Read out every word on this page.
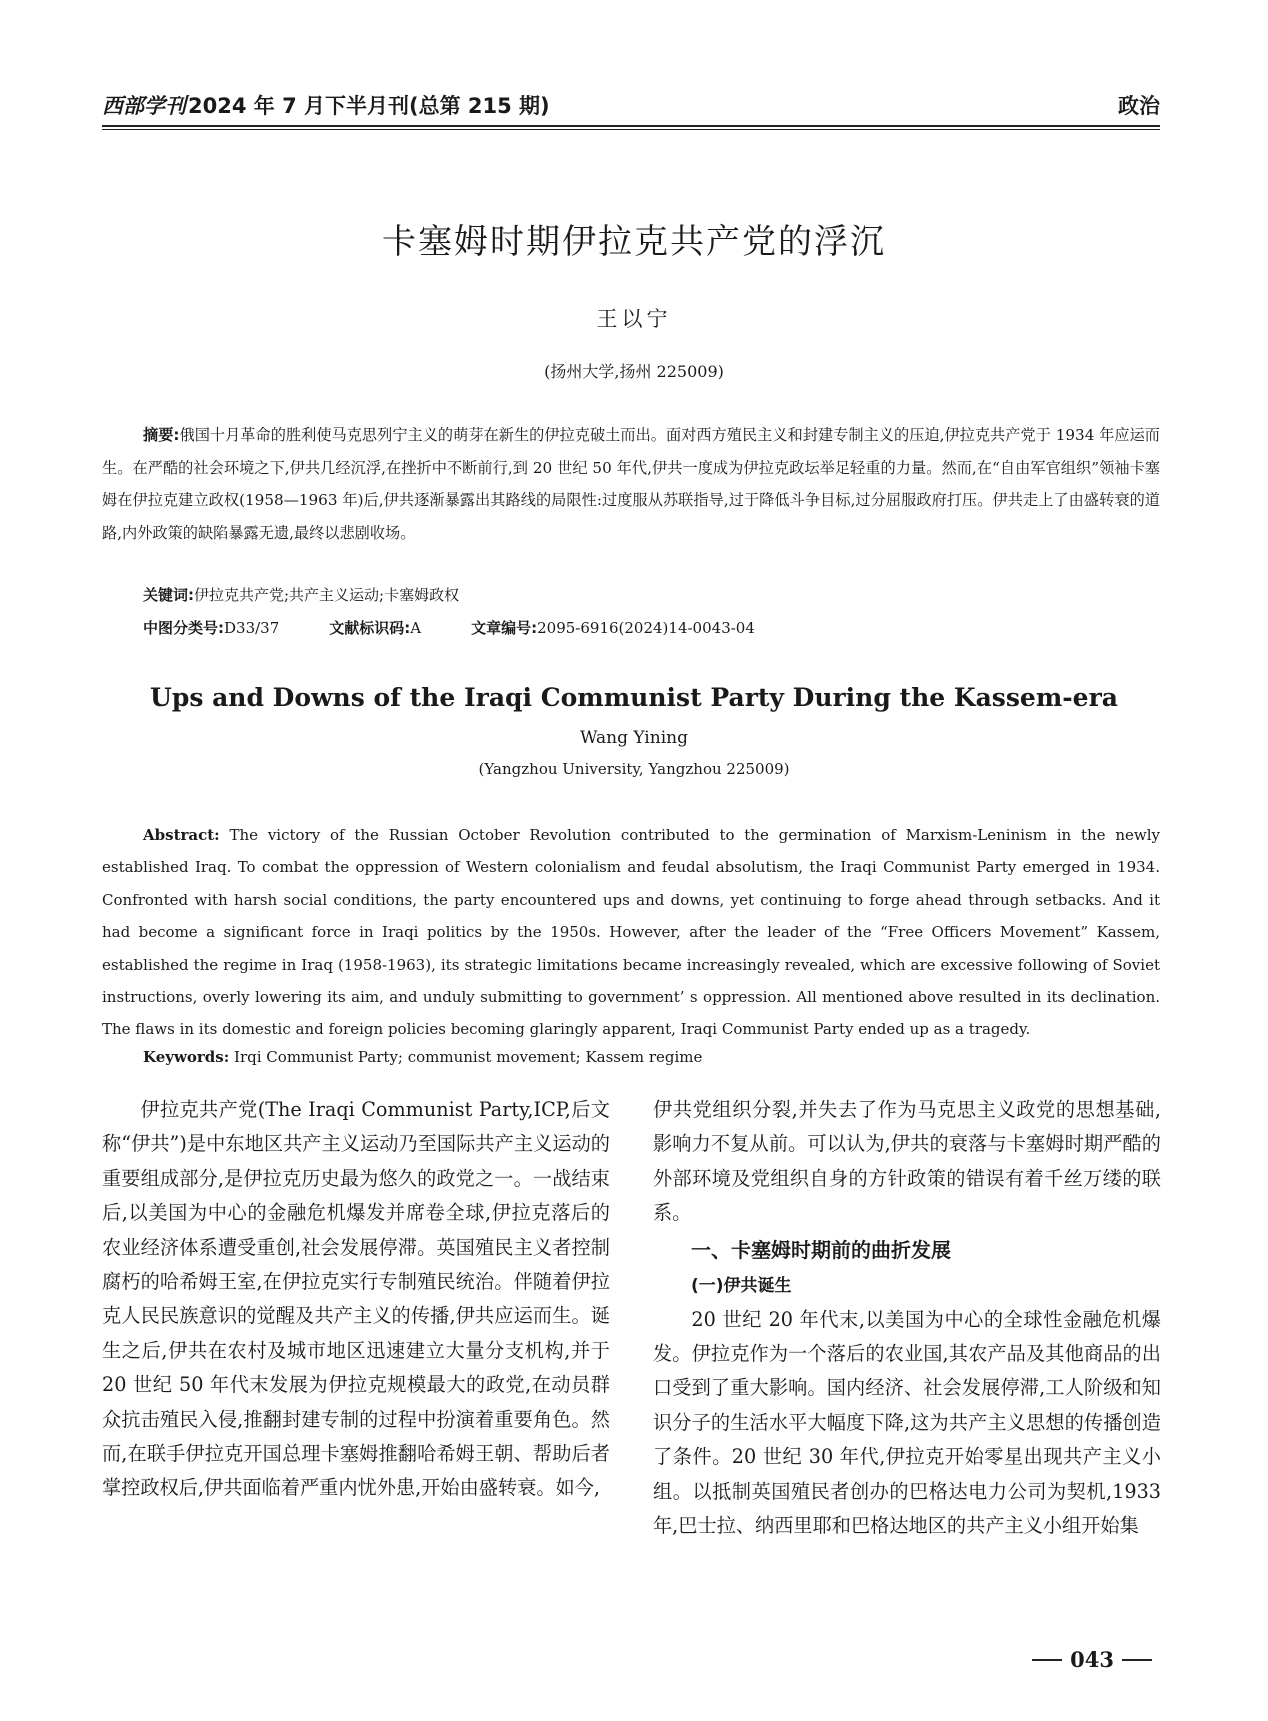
西部学刊2024 年 7 月下半月刊(总第 215 期)	政治
卡塞姆时期伊拉克共产党的浮沉
王以宁
(扬州大学,扬州 225009)
摘要:俄国十月革命的胜利使马克思列宁主义的萌芽在新生的伊拉克破土而出。面对西方殖民主义和封建专制主义的压迫,伊拉克共产党于 1934 年应运而生。在严酷的社会环境之下,伊共几经沉浮,在挫折中不断前行,到 20 世纪 50 年代,伊共一度成为伊拉克政坛举足轻重的力量。然而,在“自由军官组织”领袖卡塞姆在伊拉克建立政权(1958—1963 年)后,伊共逐渐暴露出其路线的局限性:过度服从苏联指导,过于降低斗争目标,过分屈服政府打压。伊共走上了由盛转衰的道路,内外政策的缺陷暴露无遗,最终以悲剧收场。
关键词:伊拉克共产党;共产主义运动;卡塞姆政权
中图分类号:D33/37	文献标识码:A	文章编号:2095-6916(2024)14-0043-04
Ups and Downs of the Iraqi Communist Party During the Kassem-era
Wang Yining
(Yangzhou University, Yangzhou 225009)
Abstract: The victory of the Russian October Revolution contributed to the germination of Marxism-Leninism in the newly established Iraq. To combat the oppression of Western colonialism and feudal absolutism, the Iraqi Communist Party emerged in 1934. Confronted with harsh social conditions, the party encountered ups and downs, yet continuing to forge ahead through setbacks. And it had become a significant force in Iraqi politics by the 1950s. However, after the leader of the “Free Officers Movement” Kassem, established the regime in Iraq (1958-1963), its strategic limitations became increasingly revealed, which are excessive following of Soviet instructions, overly lowering its aim, and unduly submitting to government’ s oppression. All mentioned above resulted in its declination. The flaws in its domestic and foreign policies becoming glaringly apparent, Iraqi Communist Party ended up as a tragedy.
Keywords: Irqi Communist Party; communist movement; Kassem regime

伊拉克共产党(The Iraqi Communist Party,ICP,后文称“伊共”)是中东地区共产主义运动乃至国际共产主义运动的重要组成部分,是伊拉克历史最为悠久的政党之一。一战结束后,以美国为中心的金融危机爆发并席卷全球,伊拉克落后的农业经济体系遭受重创,社会发展停滞。英国殖民主义者控制腐朽的哈希姆王室,在伊拉克实行专制殖民统治。伴随着伊拉克人民民族意识的觉醒及共产主义的传播,伊共应运而生。诞生之后,伊共在农村及城市地区迅速建立大量分支机构,并于 20 世纪 50 年代末发展为伊拉克规模最大的政党,在动员群众抗击殖民入侵,推翻封建专制的过程中扮演着重要角色。然而,在联手伊拉克开国总理卡塞姆推翻哈希姆王朝、帮助后者掌控政权后,伊共面临着严重内忧外患,开始由盛转衰。如今,

伊共党组织分裂,并失去了作为马克思主义政党的思想基础,影响力不复从前。可以认为,伊共的衰落与卡塞姆时期严酷的外部环境及党组织自身的方针政策的错误有着千丝万缕的联系。

一、卡塞姆时期前的曲折发展

(一)伊共诞生

20 世纪 20 年代末,以美国为中心的全球性金融危机爆发。伊拉克作为一个落后的农业国,其农产品及其他商品的出口受到了重大影响。国内经济、社会发展停滞,工人阶级和知识分子的生活水平大幅度下降,这为共产主义思想的传播创造了条件。20 世纪 30 年代,伊拉克开始零星出现共产主义小组。以抵制英国殖民者创办的巴格达电力公司为契机,1933 年,巴士拉、纳西里耶和巴格达地区的共产主义小组开始集

043
